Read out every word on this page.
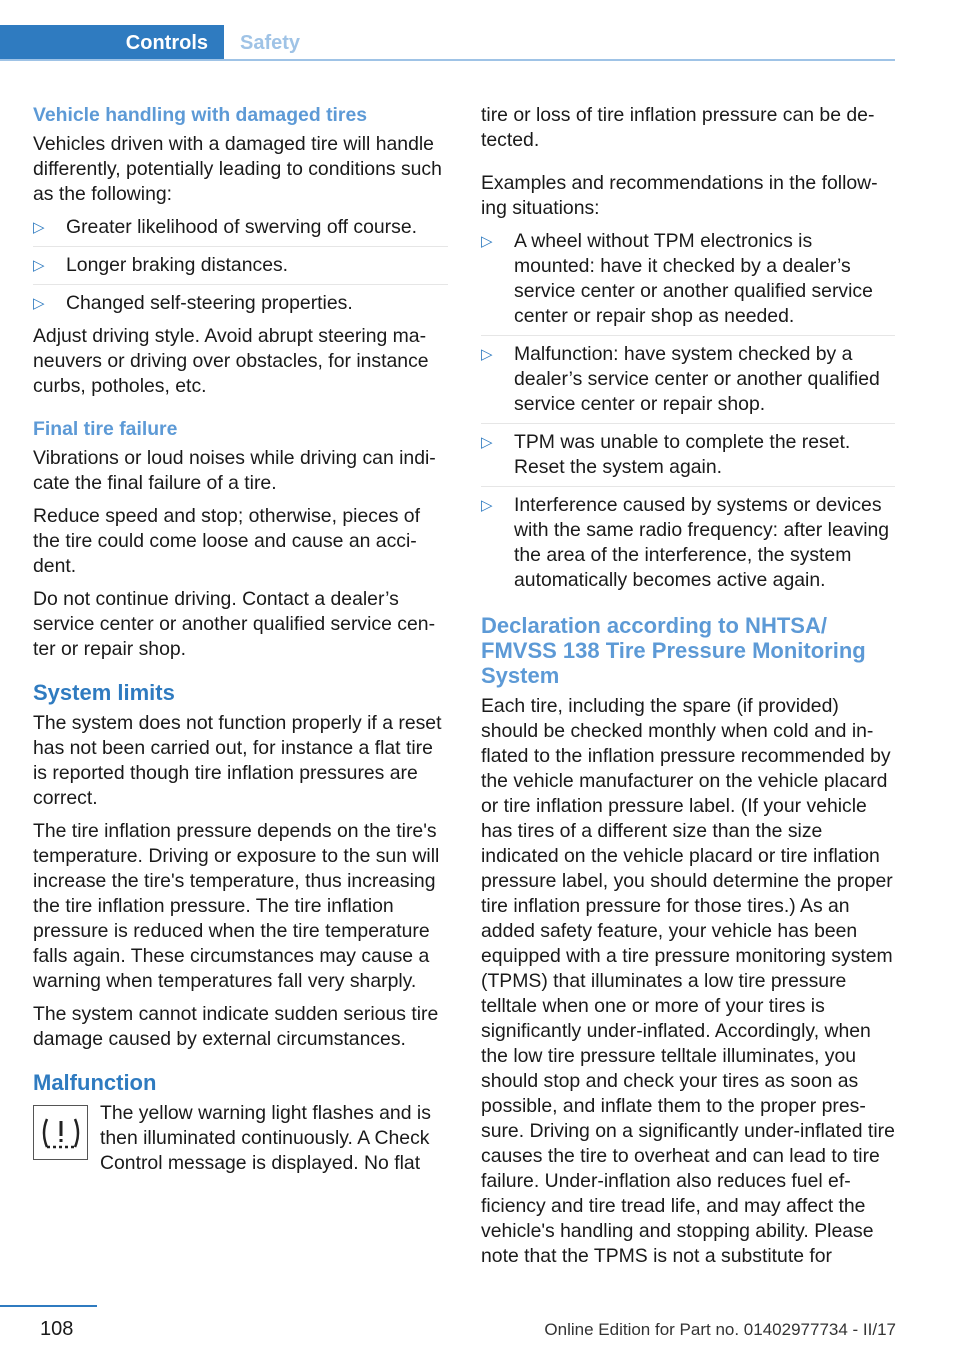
Controls Safety
Vehicle handling with damaged tires

Vehicles driven with a damaged tire will handle differently, potentially leading to conditions such as the following:

▷ Greater likelihood of swerving off course.
▷ Longer braking distances.
▷ Changed self-steering properties.

Adjust driving style. Avoid abrupt steering maneuvers or driving over obstacles, for instance curbs, potholes, etc.

Final tire failure

Vibrations or loud noises while driving can indicate the final failure of a tire.

Reduce speed and stop; otherwise, pieces of the tire could come loose and cause an accident.

Do not continue driving. Contact a dealer’s service center or another qualified service center or repair shop.

System limits

The system does not function properly if a reset has not been carried out, for instance a flat tire is reported though tire inflation pressures are correct.

The tire inflation pressure depends on the tire's temperature. Driving or exposure to the sun will increase the tire's temperature, thus increasing the tire inflation pressure. The tire inflation pressure is reduced when the tire temperature falls again. These circumstances may cause a warning when temperatures fall very sharply.

The system cannot indicate sudden serious tire damage caused by external circumstances.

Malfunction

The yellow warning light flashes and is then illuminated continuously. A Check Control message is displayed. No flat

tire or loss of tire inflation pressure can be detected.

Examples and recommendations in the following situations:

▷ A wheel without TPM electronics is mounted: have it checked by a dealer’s service center or another qualified service center or repair shop as needed.
▷ Malfunction: have system checked by a dealer’s service center or another qualified service center or repair shop.
▷ TPM was unable to complete the reset. Reset the system again.
▷ Interference caused by systems or devices with the same radio frequency: after leaving the area of the interference, the system automatically becomes active again.
Declaration according to NHTSA/ FMVSS 138 Tire Pressure Monitoring System

Each tire, including the spare (if provided) should be checked monthly when cold and inflated to the inflation pressure recommended by the vehicle manufacturer on the vehicle placard or tire inflation pressure label. (If your vehicle has tires of a different size than the size indicated on the vehicle placard or tire inflation pressure label, you should determine the proper tire inflation pressure for those tires.) As an added safety feature, your vehicle has been equipped with a tire pressure monitoring system (TPMS) that illuminates a low tire pressure telltale when one or more of your tires is significantly under-inflated. Accordingly, when the low tire pressure telltale illuminates, you should stop and check your tires as soon as possible, and inflate them to the proper pressure. Driving on a significantly under-inflated tire causes the tire to overheat and can lead to tire failure. Under-inflation also reduces fuel efficiency and tire tread life, and may affect the vehicle's handling and stopping ability. Please note that the TPMS is not a substitute for

108	Online Edition for Part no. 01402977734 - II/17
